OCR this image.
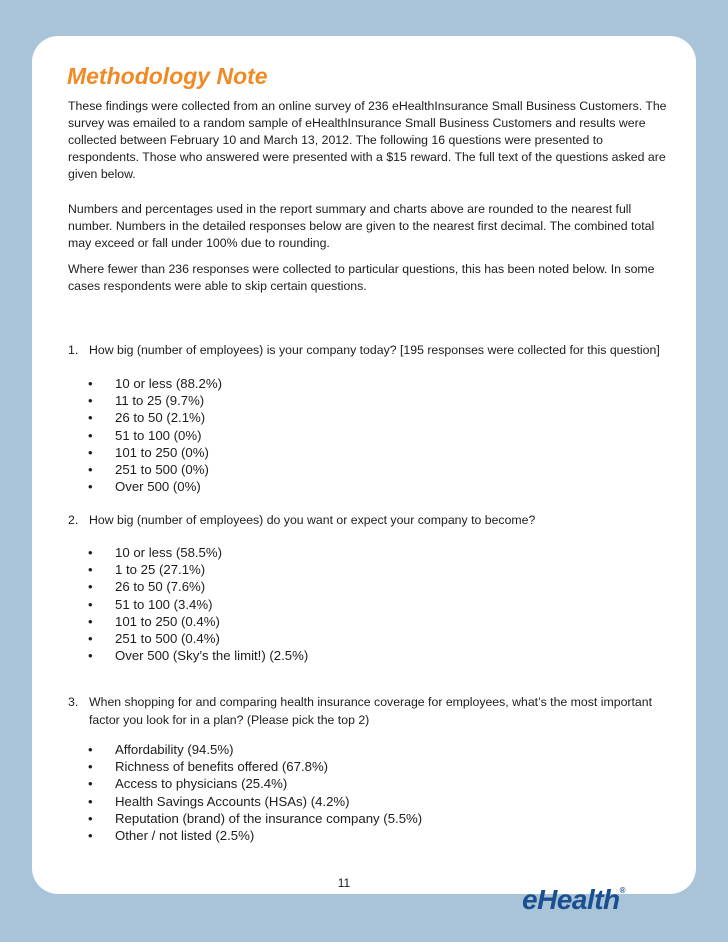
Methodology Note

These findings were collected from an online survey of 236 eHealthInsurance Small Business Customers. The survey was emailed to a random sample of eHealthInsurance Small Business Customers and results were collected between February 10 and March 13, 2012. The following 16 questions were presented to respondents. Those who answered were presented with a $15 reward. The full text of the questions asked are given below.

Numbers and percentages used in the report summary and charts above are rounded to the nearest full number. Numbers in the detailed responses below are given to the nearest first decimal. The combined total may exceed or fall under 100% due to rounding.

Where fewer than 236 responses were collected to particular questions, this has been noted below. In some cases respondents were able to skip certain questions.

1. How big (number of employees) is your company today? [195 responses were collected for this question]
• 10 or less (88.2%)
• 11 to 25 (9.7%)
• 26 to 50 (2.1%)
• 51 to 100 (0%)
• 101 to 250 (0%)
• 251 to 500 (0%)
• Over 500 (0%)
2. How big (number of employees) do you want or expect your company to become?
• 10 or less (58.5%)
• 1 to 25 (27.1%)
• 26 to 50 (7.6%)
• 51 to 100 (3.4%)
• 101 to 250 (0.4%)
• 251 to 500 (0.4%)
• Over 500 (Sky’s the limit!) (2.5%)
3. When shopping for and comparing health insurance coverage for employees, what’s the most important factor you look for in a plan? (Please pick the top 2)
• Affordability (94.5%)
• Richness of benefits offered (67.8%)
• Access to physicians (25.4%)
• Health Savings Accounts (HSAs) (4.2%)
• Reputation (brand) of the insurance company (5.5%)
• Other / not listed (2.5%)
11
eHealth®
